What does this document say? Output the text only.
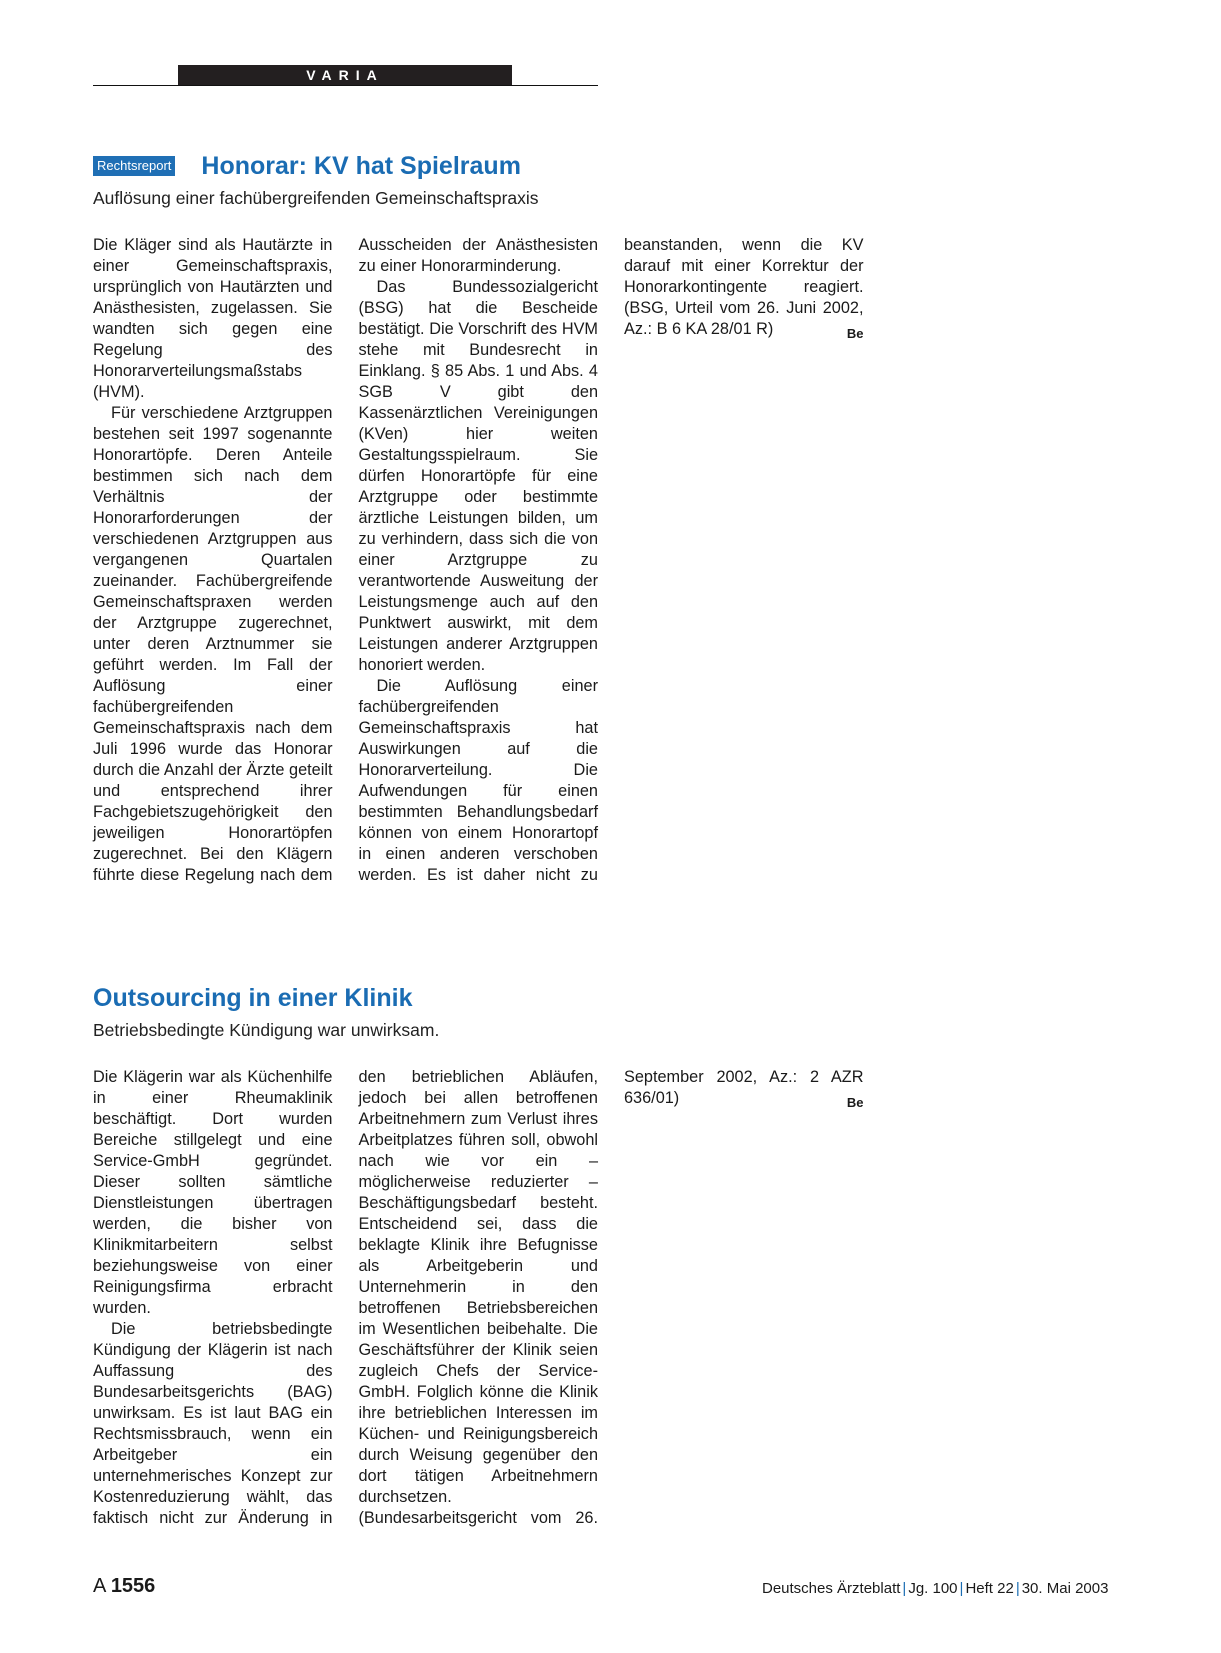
VARIA
Rechtsreport Honorar: KV hat Spielraum
Auflösung einer fachübergreifenden Gemeinschaftspraxis

Die Kläger sind als Hautärzte in einer Gemeinschaftspraxis, ursprünglich von Hautärzten und Anästhesisten, zugelassen. Sie wandten sich gegen eine Regelung des Honorarverteilungsmaßstabs (HVM).

Für verschiedene Arztgruppen bestehen seit 1997 sogenannte Honorartöpfe. Deren Anteile bestimmen sich nach dem Verhältnis der Honorarforderungen der verschiedenen Arztgruppen aus vergangenen Quartalen zueinander. Fachübergreifende Gemeinschaftspraxen werden der Arztgruppe zugerechnet, unter deren Arztnummer sie geführt werden. Im Fall der Auflösung einer fachübergreifenden Gemeinschaftspraxis nach dem Juli 1996 wurde das Honorar durch die Anzahl der Ärzte geteilt und entsprechend ihrer Fachgebietszugehörigkeit den jeweiligen Honorartöpfen zugerechnet. Bei den Klägern führte diese Regelung nach dem Ausscheiden der Anästhesisten zu einer Honorarminderung.

Das Bundessozialgericht (BSG) hat die Bescheide bestätigt. Die Vorschrift des HVM stehe mit Bundesrecht in Einklang. § 85 Abs. 1 und Abs. 4 SGB V gibt den Kassenärztlichen Vereinigungen (KVen) hier weiten Gestaltungsspielraum. Sie dürfen Honorartöpfe für eine Arztgruppe oder bestimmte ärztliche Leistungen bilden, um zu verhindern, dass sich die von einer Arztgruppe zu verantwortende Ausweitung der Leistungsmenge auch auf den Punktwert auswirkt, mit dem Leistungen anderer Arztgruppen honoriert werden.

Die Auflösung einer fachübergreifenden Gemeinschaftspraxis hat Auswirkungen auf die Honorarverteilung. Die Aufwendungen für einen bestimmten Behandlungsbedarf können von einem Honorartopf in einen anderen verschoben werden. Es ist daher nicht zu beanstanden, wenn die KV darauf mit einer Korrektur der Honorarkontingente reagiert. (BSG, Urteil vom 26. Juni 2002, Az.: B 6 KA 28/01 R)	Be

Outsourcing in einer Klinik
Betriebsbedingte Kündigung war unwirksam.

Die Klägerin war als Küchenhilfe in einer Rheumaklinik beschäftigt. Dort wurden Bereiche stillgelegt und eine Service-GmbH gegründet. Dieser sollten sämtliche Dienstleistungen übertragen werden, die bisher von Klinikmitarbeitern selbst beziehungsweise von einer Reinigungsfirma erbracht wurden.

Die betriebsbedingte Kündigung der Klägerin ist nach Auffassung des Bundesarbeitsgerichts (BAG) unwirksam. Es ist laut BAG ein Rechtsmissbrauch, wenn ein Arbeitgeber ein unternehmerisches Konzept zur Kostenreduzierung wählt, das faktisch nicht zur Änderung in den betrieblichen Abläufen, jedoch bei allen betroffenen Arbeitnehmern zum Verlust ihres Arbeitplatzes führen soll, obwohl nach wie vor ein – möglicherweise reduzierter – Beschäftigungsbedarf besteht. Entscheidend sei, dass die beklagte Klinik ihre Befugnisse als Arbeitgeberin und Unternehmerin in den betroffenen Betriebsbereichen im Wesentlichen beibehalte. Die Geschäftsführer der Klinik seien zugleich Chefs der Service-GmbH. Folglich könne die Klinik ihre betrieblichen Interessen im Küchen- und Reinigungsbereich durch Weisung gegenüber den dort tätigen Arbeitnehmern durchsetzen. (Bundesarbeitsgericht vom 26. September 2002, Az.: 2 AZR 636/01)	Be

A 1556	Deutsches Ärzteblatt | Jg. 100 | Heft 22 | 30. Mai 2003
